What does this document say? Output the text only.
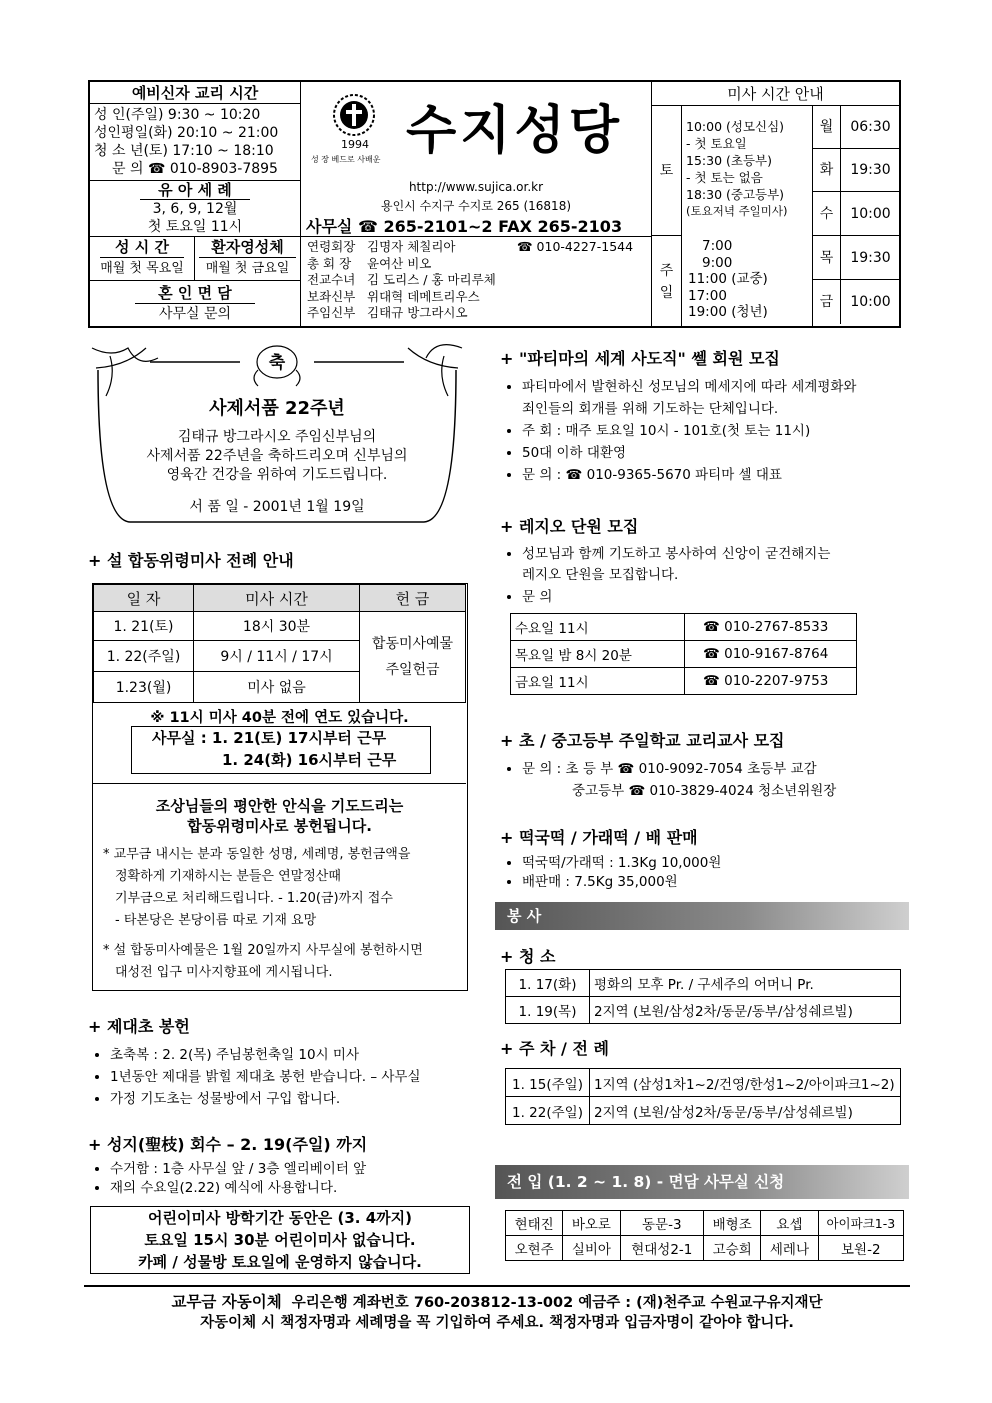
예비신자 교리 시간
성 인(주일) 9:30 ~ 10:20
성인평일(화) 20:10 ~ 21:00
청 소 년(토) 17:10 ~ 18:10
문 의 ☎ 010-8903-7895
유 아 세 례
3, 6, 9, 12월
첫 토요일 11시
성 시 간
매월 첫 목요일
환자영성체
매월 첫 금요일
혼 인 면 담
사무실 문의
1994
성 장 베드로 사배운 수지성당
http://www.sujica.or.kr
용인시 수지구 수지로 265 (16818)
사무실 ☎ 265-2101~2 FAX 265-2103
연령회장 김명자 체칠리아	☎ 010-4227-1544
총 회 장	윤여산 비오
전교수녀 김 도리스 / 홍 마리루체
보좌신부 위대혁 데메트리우스
주임신부 김태규 방그라시오
미사 시간 안내
토
10:00 (성모신심)
- 첫 토요일
15:30 (초등부)
- 첫 토는 없음
18:30 (중고등부)
(토요저녁 주일미사)
주 일
7:00
9:00
11:00 (교중)
17:00
19:00 (청년)
월	06:30
화	19:30
수	10:00
목	19:30
금	10:00
축
사제서품 22주년
김태규 방그라시오 주임신부님의
사제서품 22주년을 축하드리오며 신부님의
영육간 건강을 위하여 기도드립니다.
서 품 일 - 2001년 1월 19일
+ 설 합동위령미사 전례 안내
일 자	미사 시간	헌 금
1. 21(토)	18시 30분	합동미사예물
주일헌금

1. 22(주일)	9시 / 11시 / 17시	
1.23(월)	미사 없음	
※ 11시 미사 40분 전에 연도 있습니다.
사무실 : 1. 21(토) 17시부터 근무
1. 24(화) 16시부터 근무
조상님들의 평안한 안식을 기도드리는
합동위령미사로 봉헌됩니다.
* 교무금 내시는 분과 동일한 성명, 세례명, 봉헌금액을
정확하게 기재하시는 분들은 연말정산때
기부금으로 처리해드립니다. - 1.20(금)까지 접수
- 타본당은 본당이름 따로 기재 요망
* 설 합동미사예물은 1월 20일까지 사무실에 봉헌하시면
대성전 입구 미사지향표에 게시됩니다.
+ 제대초 봉헌
• 초축복 : 2. 2(목) 주님봉헌축일 10시 미사
• 1년동안 제대를 밝힐 제대초 봉헌 받습니다. – 사무실
• 가정 기도초는 성물방에서 구입 합니다.
+ 성지(聖枝) 회수 – 2. 19(주일) 까지
• 수거함 : 1층 사무실 앞 / 3층 엘리베이터 앞
• 재의 수요일(2.22) 예식에 사용합니다.
어린이미사 방학기간 동안은 (3. 4까지)
토요일 15시 30분 어린이미사 없습니다.
카페 / 성물방 토요일에 운영하지 않습니다.
+ "파티마의 세계 사도직" 쎌 회원 모집
• 파티마에서 발현하신 성모님의 메세지에 따라 세계평화와
죄인들의 회개를 위해 기도하는 단체입니다.
• 주 회 : 매주 토요일 10시 - 101호(첫 토는 11시)
• 50대 이하 대환영
• 문 의 : ☎ 010-9365-5670 파티마 셀 대표
+ 레지오 단원 모집
• 성모님과 함께 기도하고 봉사하여 신앙이 굳건해지는
레지오 단원을 모집합니다.
• 문 의
수요일 11시	☎ 010-2767-8533
목요일 밤 8시 20분	☎ 010-9167-8764
금요일 11시	☎ 010-2207-9753
+ 초 / 중고등부 주일학교 교리교사 모집
• 문 의 : 초 등 부 ☎ 010-9092-7054 초등부 교감
중고등부 ☎ 010-3829-4024 청소년위원장
+ 떡국떡 / 가래떡 / 배 판매
• 떡국떡/가래떡 : 1.3Kg 10,000원
• 배판매 : 7.5Kg 35,000원
봉 사
+ 청 소
1. 17(화)	평화의 모후 Pr. / 구세주의 어머니 Pr.
1. 19(목)	2지역 (보원/삼성2차/동문/동부/삼성쉐르빌)
+ 주 차 / 전 례
1. 15(주일)	1지역 (삼성1차1~2/건영/한성1~2/아이파크1~2)
1. 22(주일)	2지역 (보원/삼성2차/동문/동부/삼성쉐르빌)
전 입 (1. 2 ~ 1. 8) - 면담 사무실 신청
현태진	바오로	동문-3	배형조	요셉	아이파크1-3
오현주	실비아	현대성2-1	고승희	세레나	보원-2
교무금 자동이체 우리은행 계좌번호 760-203812-13-002 예금주 : (재)천주교 수원교구유지재단
자동이체 시 책정자명과 세례명을 꼭 기입하여 주세요. 책정자명과 입금자명이 같아야 합니다.
